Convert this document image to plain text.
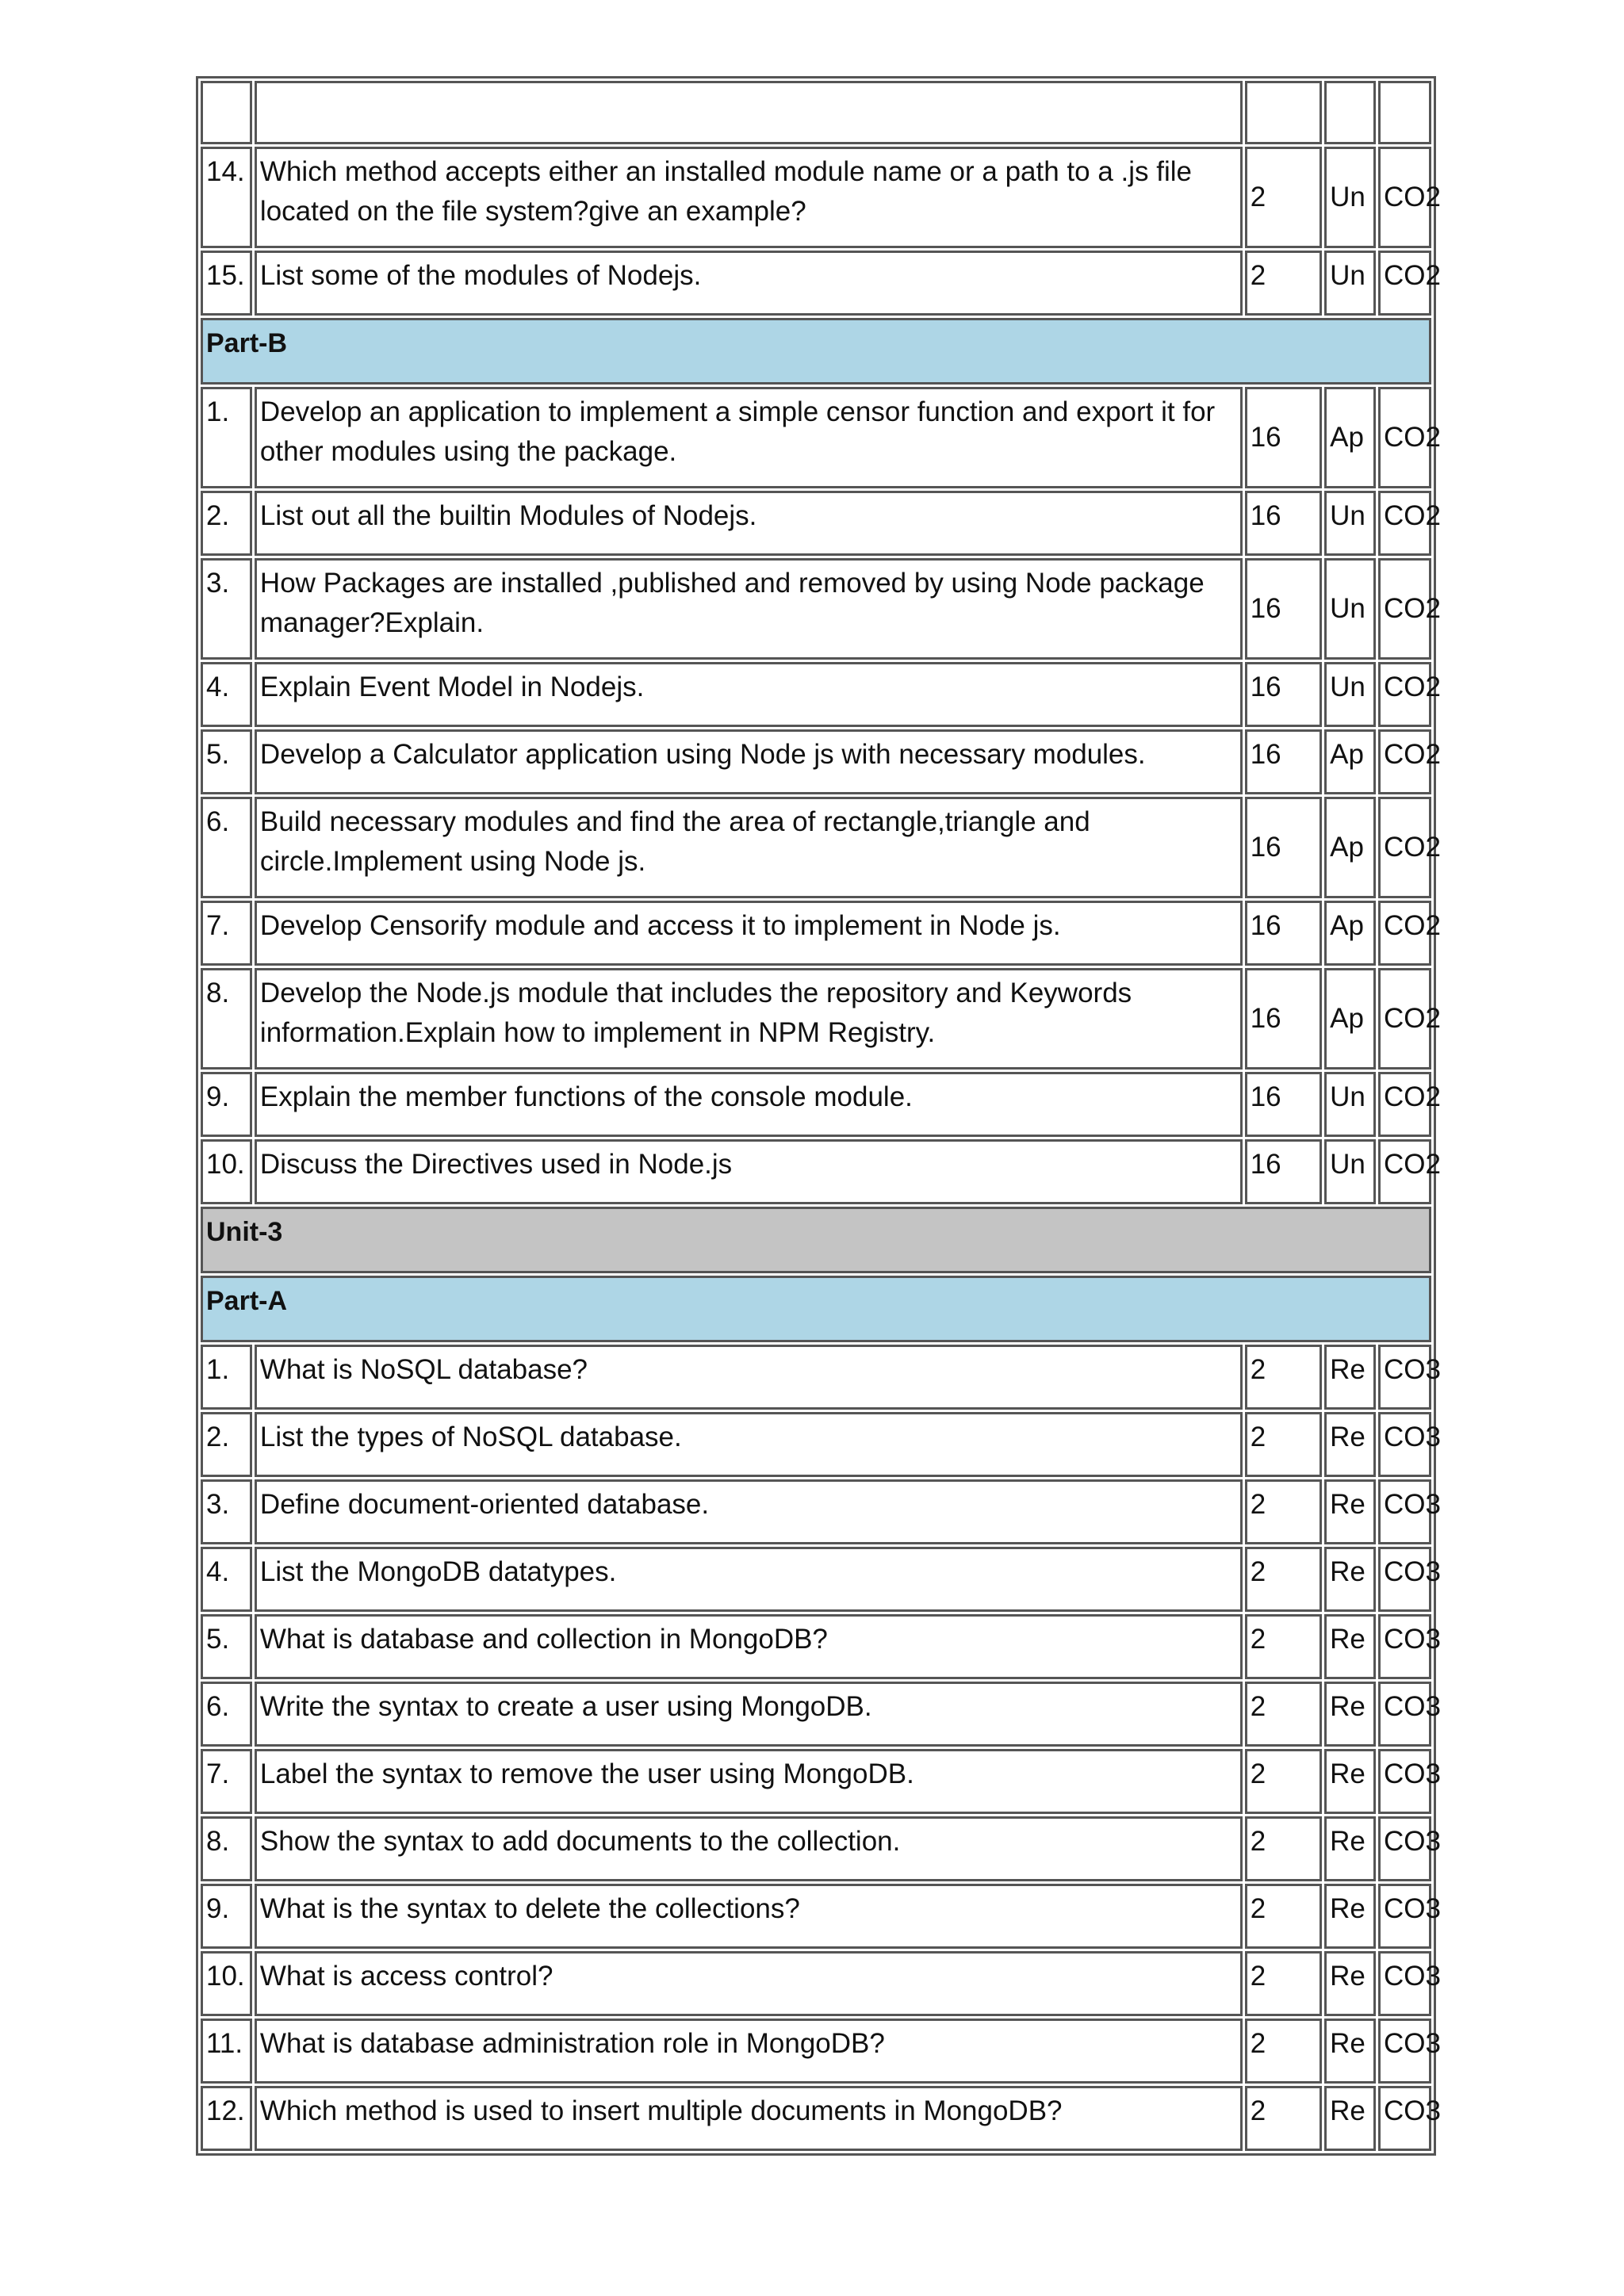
14.	Which method accepts either an installed module name or a path to a .js file located on the file system?give an example?	2	Un	CO2
15.	List some of the modules of Nodejs.	2	Un	CO2
Part-B				
1.	Develop an application to implement a simple censor function and export it for other modules using the package.	16	Ap	CO2
2.	List out all the builtin Modules of Nodejs.	16	Un	CO2
3.	How Packages are installed ,published and removed by using Node package manager?Explain.	16	Un	CO2
4.	Explain Event Model in Nodejs.	16	Un	CO2
5.	Develop a Calculator application using Node js with necessary modules.	16	Ap	CO2
6.	Build necessary modules and find the area of rectangle,triangle and circle.Implement using Node js.	16	Ap	CO2
7.	Develop Censorify module and access it to implement in Node js.	16	Ap	CO2
8.	Develop the Node.js module that includes the repository and Keywords information.Explain how to implement in NPM Registry.	16	Ap	CO2
9.	Explain the member functions of the console module.	16	Un	CO2
10.	Discuss the Directives used in Node.js	16	Un	CO2
Unit-3				
Part-A				
1.	What is NoSQL database?	2	Re	CO3
2.	List the types of NoSQL database.	2	Re	CO3
3.	Define document-oriented database.	2	Re	CO3
4.	List the MongoDB datatypes.	2	Re	CO3
5.	What is database and collection in MongoDB?	2	Re	CO3
6.	Write the syntax to create a user using MongoDB.	2	Re	CO3
7.	Label the syntax to remove the user using MongoDB.	2	Re	CO3
8.	Show the syntax to add documents to the collection.	2	Re	CO3
9.	What is the syntax to delete the collections?	2	Re	CO3
10.	What is access control?	2	Re	CO3
11.	What is database administration role in MongoDB?	2	Re	CO3
12.	Which method is used to insert multiple documents in MongoDB?	2	Re	CO3
